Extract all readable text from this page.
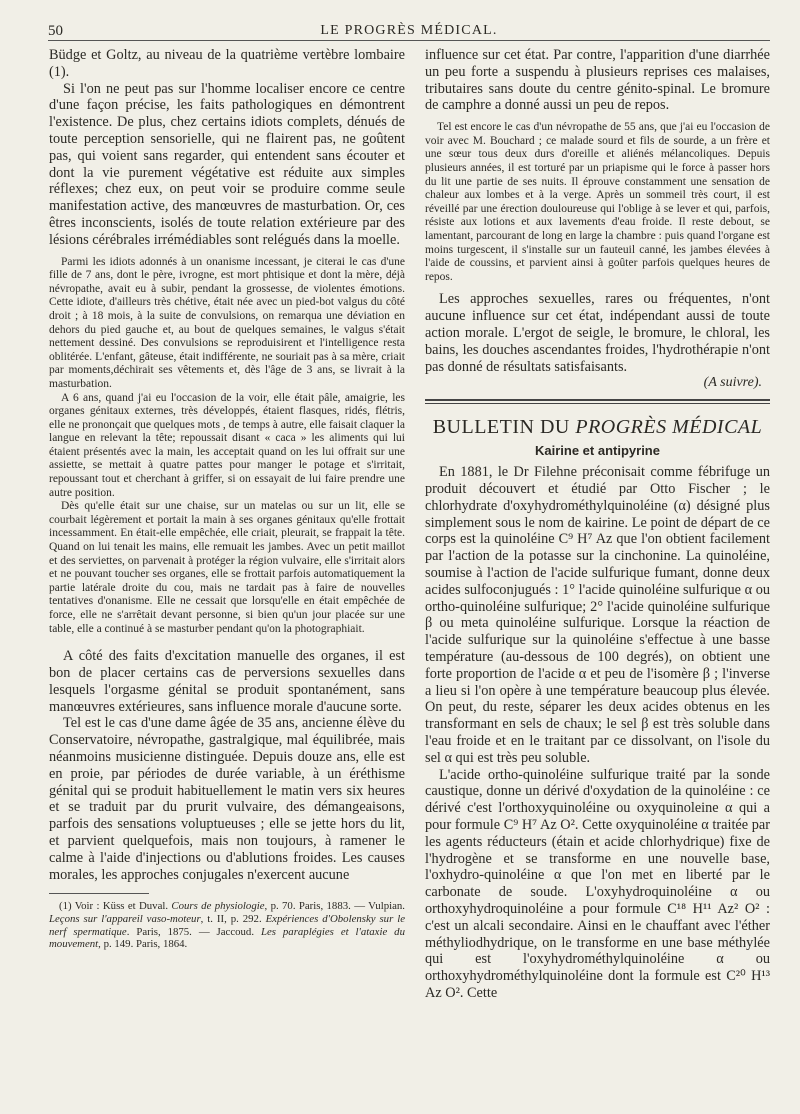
50	LE PROGRÈS MÉDICAL.

Büdge et Goltz, au niveau de la quatrième vertèbre lombaire (1).

Si l'on ne peut pas sur l'homme localiser encore ce centre d'une façon précise, les faits pathologiques en démontrent l'existence. De plus, chez certains idiots complets, dénués de toute perception sensorielle, qui ne flairent pas, ne goûtent pas, qui voient sans regarder, qui entendent sans écouter et dont la vie purement végétative est réduite aux simples réflexes; chez eux, on peut voir se produire comme seule manifestation active, des manœuvres de masturbation. Or, ces êtres inconscients, isolés de toute relation extérieure par des lésions cérébrales irrémédiables sont relégués dans la moelle.

Parmi les idiots adonnés à un onanisme incessant, je citerai le cas d'une fille de 7 ans, dont le père, ivrogne, est mort phtisique et dont la mère, déjà névropathe, avait eu à subir, pendant la grossesse, de violentes émotions. Cette idiote, d'ailleurs très chétive, était née avec un pied-bot valgus du côté droit ; à 18 mois, à la suite de convulsions, on remarqua une déviation en dehors du pied gauche et, au bout de quelques semaines, le valgus s'était nettement dessiné. Des convulsions se reproduisirent et l'intelligence resta oblitérée. L'enfant, gâteuse, était indifférente, ne souriait pas à sa mère, criait par moments,déchirait ses vêtements et, dès l'âge de 3 ans, se livrait à la masturbation.

A 6 ans, quand j'ai eu l'occasion de la voir, elle était pâle, amaigrie, les organes génitaux externes, très développés, étaient flasques, ridés, flétris, elle ne prononçait que quelques mots , de temps à autre, elle faisait claquer la langue en relevant la tête; repoussait disant « caca » les aliments qui lui étaient présentés avec la main, les acceptait quand on les lui offrait sur une assiette, se mettait à quatre pattes pour manger le potage et s'irritait, repoussant tout et cherchant à griffer, si on essayait de lui faire prendre une autre position.

Dès qu'elle était sur une chaise, sur un matelas ou sur un lit, elle se courbait légèrement et portait la main à ses organes génitaux qu'elle frottait incessamment. En était-elle empêchée, elle criait, pleurait, se frappait la tête. Quand on lui tenait les mains, elle remuait les jambes. Avec un petit maillot et des serviettes, on parvenait à protéger la région vulvaire, elle s'irritait alors et ne pouvant toucher ses organes, elle se frottait parfois automatiquement la partie latérale droite du cou, mais ne tardait pas à faire de nouvelles tentatives d'onanisme. Elle ne cessait que lorsqu'elle en était empêchée de force, elle ne s'arrêtait devant personne, si bien qu'un jour placée sur une table, elle a continué à se masturber pendant qu'on la photographiait.

A côté des faits d'excitation manuelle des organes, il est bon de placer certains cas de perversions sexuelles dans lesquels l'orgasme génital se produit spontanément, sans manœuvres extérieures, sans influence morale d'aucune sorte.

Tel est le cas d'une dame âgée de 35 ans, ancienne élève du Conservatoire, névropathe, gastralgique, mal équilibrée, mais néanmoins musicienne distinguée. Depuis douze ans, elle est en proie, par périodes de durée variable, à un éréthisme génital qui se produit habituellement le matin vers six heures et se traduit par du prurit vulvaire, des démangeaisons, parfois des sensations voluptueuses ; elle se jette hors du lit, et parvient quelquefois, mais non toujours, à ramener le calme à l'aide d'injections ou d'ablutions froides. Les causes morales, les approches conjugales n'exercent aucune

(1) Voir : Küss et Duval. Cours de physiologie, p. 70. Paris, 1883. — Vulpian. Leçons sur l'appareil vaso-moteur, t. II, p. 292. Expériences d'Obolensky sur le nerf spermatique. Paris, 1875. — Jaccoud. Les paraplégies et l'ataxie du mouvement, p. 149. Paris, 1864.

influence sur cet état. Par contre, l'apparition d'une diarrhée un peu forte a suspendu à plusieurs reprises ces malaises, tributaires sans doute du centre génito-spinal. Le bromure de camphre a donné aussi un peu de repos.

Tel est encore le cas d'un névropathe de 55 ans, que j'ai eu l'occasion de voir avec M. Bouchard ; ce malade sourd et fils de sourde, a un frère et une sœur tous deux durs d'oreille et aliénés mélancoliques. Depuis plusieurs années, il est torturé par un priapisme qui le force à passer hors du lit une partie de ses nuits. Il éprouve constamment une sensation de chaleur aux lombes et à la verge. Après un sommeil très court, il est réveillé par une érection douloureuse qui l'oblige à se lever et qui, parfois, résiste aux lotions et aux lavements d'eau froide. Il reste debout, se lamentant, parcourant de long en large la chambre : puis quand l'organe est moins turgescent, il s'installe sur un fauteuil canné, les jambes élevées à l'aide de coussins, et parvient ainsi à goûter parfois quelques heures de repos.

Les approches sexuelles, rares ou fréquentes, n'ont aucune influence sur cet état, indépendant aussi de toute action morale. L'ergot de seigle, le bromure, le chloral, les bains, les douches ascendantes froides, l'hydrothérapie n'ont pas donné de résultats satisfaisants.

(A suivre).
BULLETIN DU PROGRÈS MÉDICAL
Kairine et antipyrine

En 1881, le Dr Filehne préconisait comme fébrifuge un produit découvert et étudié par Otto Fischer ; le chlorhydrate d'oxyhydrométhylquinoléine (α) désigné plus simplement sous le nom de kairine. Le point de départ de ce corps est la quinoléine C⁹ H⁷ Az que l'on obtient facilement par l'action de la potasse sur la cinchonine. La quinoléine, soumise à l'action de l'acide sulfurique fumant, donne deux acides sulfoconjugués : 1° l'acide quinoléine sulfurique α ou ortho-quinoléine sulfurique; 2° l'acide quinoléine sulfurique β ou meta quinoléine sulfurique. Lorsque la réaction de l'acide sulfurique sur la quinoléine s'effectue à une basse température (au-dessous de 100 degrés), on obtient une forte proportion de l'acide α et peu de l'isomère β ; l'inverse a lieu si l'on opère à une température beaucoup plus élevée. On peut, du reste, séparer les deux acides obtenus en les transformant en sels de chaux; le sel β est très soluble dans l'eau froide et en le traitant par ce dissolvant, on l'isole du sel α qui est très peu soluble.

L'acide ortho-quinoléine sulfurique traité par la sonde caustique, donne un dérivé d'oxydation de la quinoléine : ce dérivé c'est l'orthoxyquinoléine ou oxyquinoleine α qui a pour formule C⁹ H⁷ Az O². Cette oxyquinoléine α traitée par les agents réducteurs (étain et acide chlorhydrique) fixe de l'hydrogène et se transforme en une nouvelle base, l'oxhydro-quinoléine α que l'on met en liberté par le carbonate de soude. L'oxyhydroquinoléine α ou orthoxyhydroquinoléine a pour formule C¹⁸ H¹¹ Az² O² : c'est un alcali secondaire. Ainsi en le chauffant avec l'éther méthyliodhydrique, on le transforme en une base méthylée qui est l'oxyhydrométhylquinoléine α ou orthoxyhydrométhylquinoléine dont la formule est C²⁰ H¹³ Az O². Cette
